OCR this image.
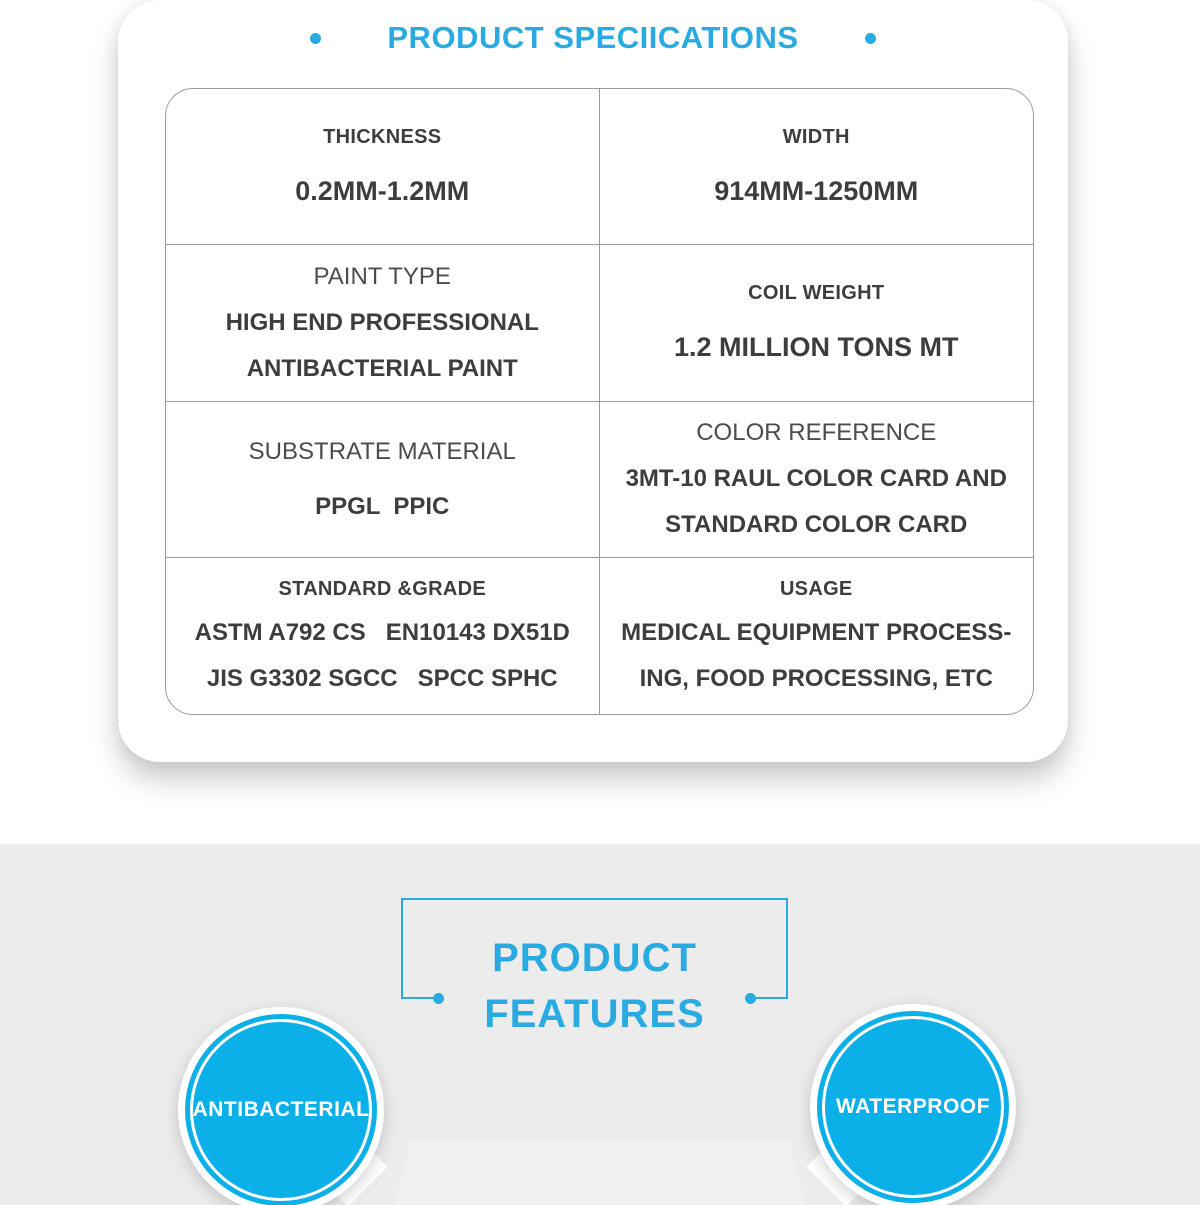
PRODUCT SPECIICATIONS
THICKNESS
0.2MM-1.2MM
WIDTH
914MM-1250MM
PAINT TYPE
HIGH END PROFESSIONAL
ANTIBACTERIAL PAINT
COIL WEIGHT
1.2 MILLION TONS MT
SUBSTRATE MATERIAL
PPGL  PPIC
COLOR REFERENCE
3MT-10 RAUL COLOR CARD AND
STANDARD COLOR CARD
STANDARD &GRADE
ASTM A792 CS   EN10143 DX51D
JIS G3302 SGCC   SPCC SPHC
USAGE
MEDICAL EQUIPMENT PROCESS-
ING, FOOD PROCESSING, ETC
PRODUCT
FEATURES
ANTIBACTERIAL	WATERPROOF
